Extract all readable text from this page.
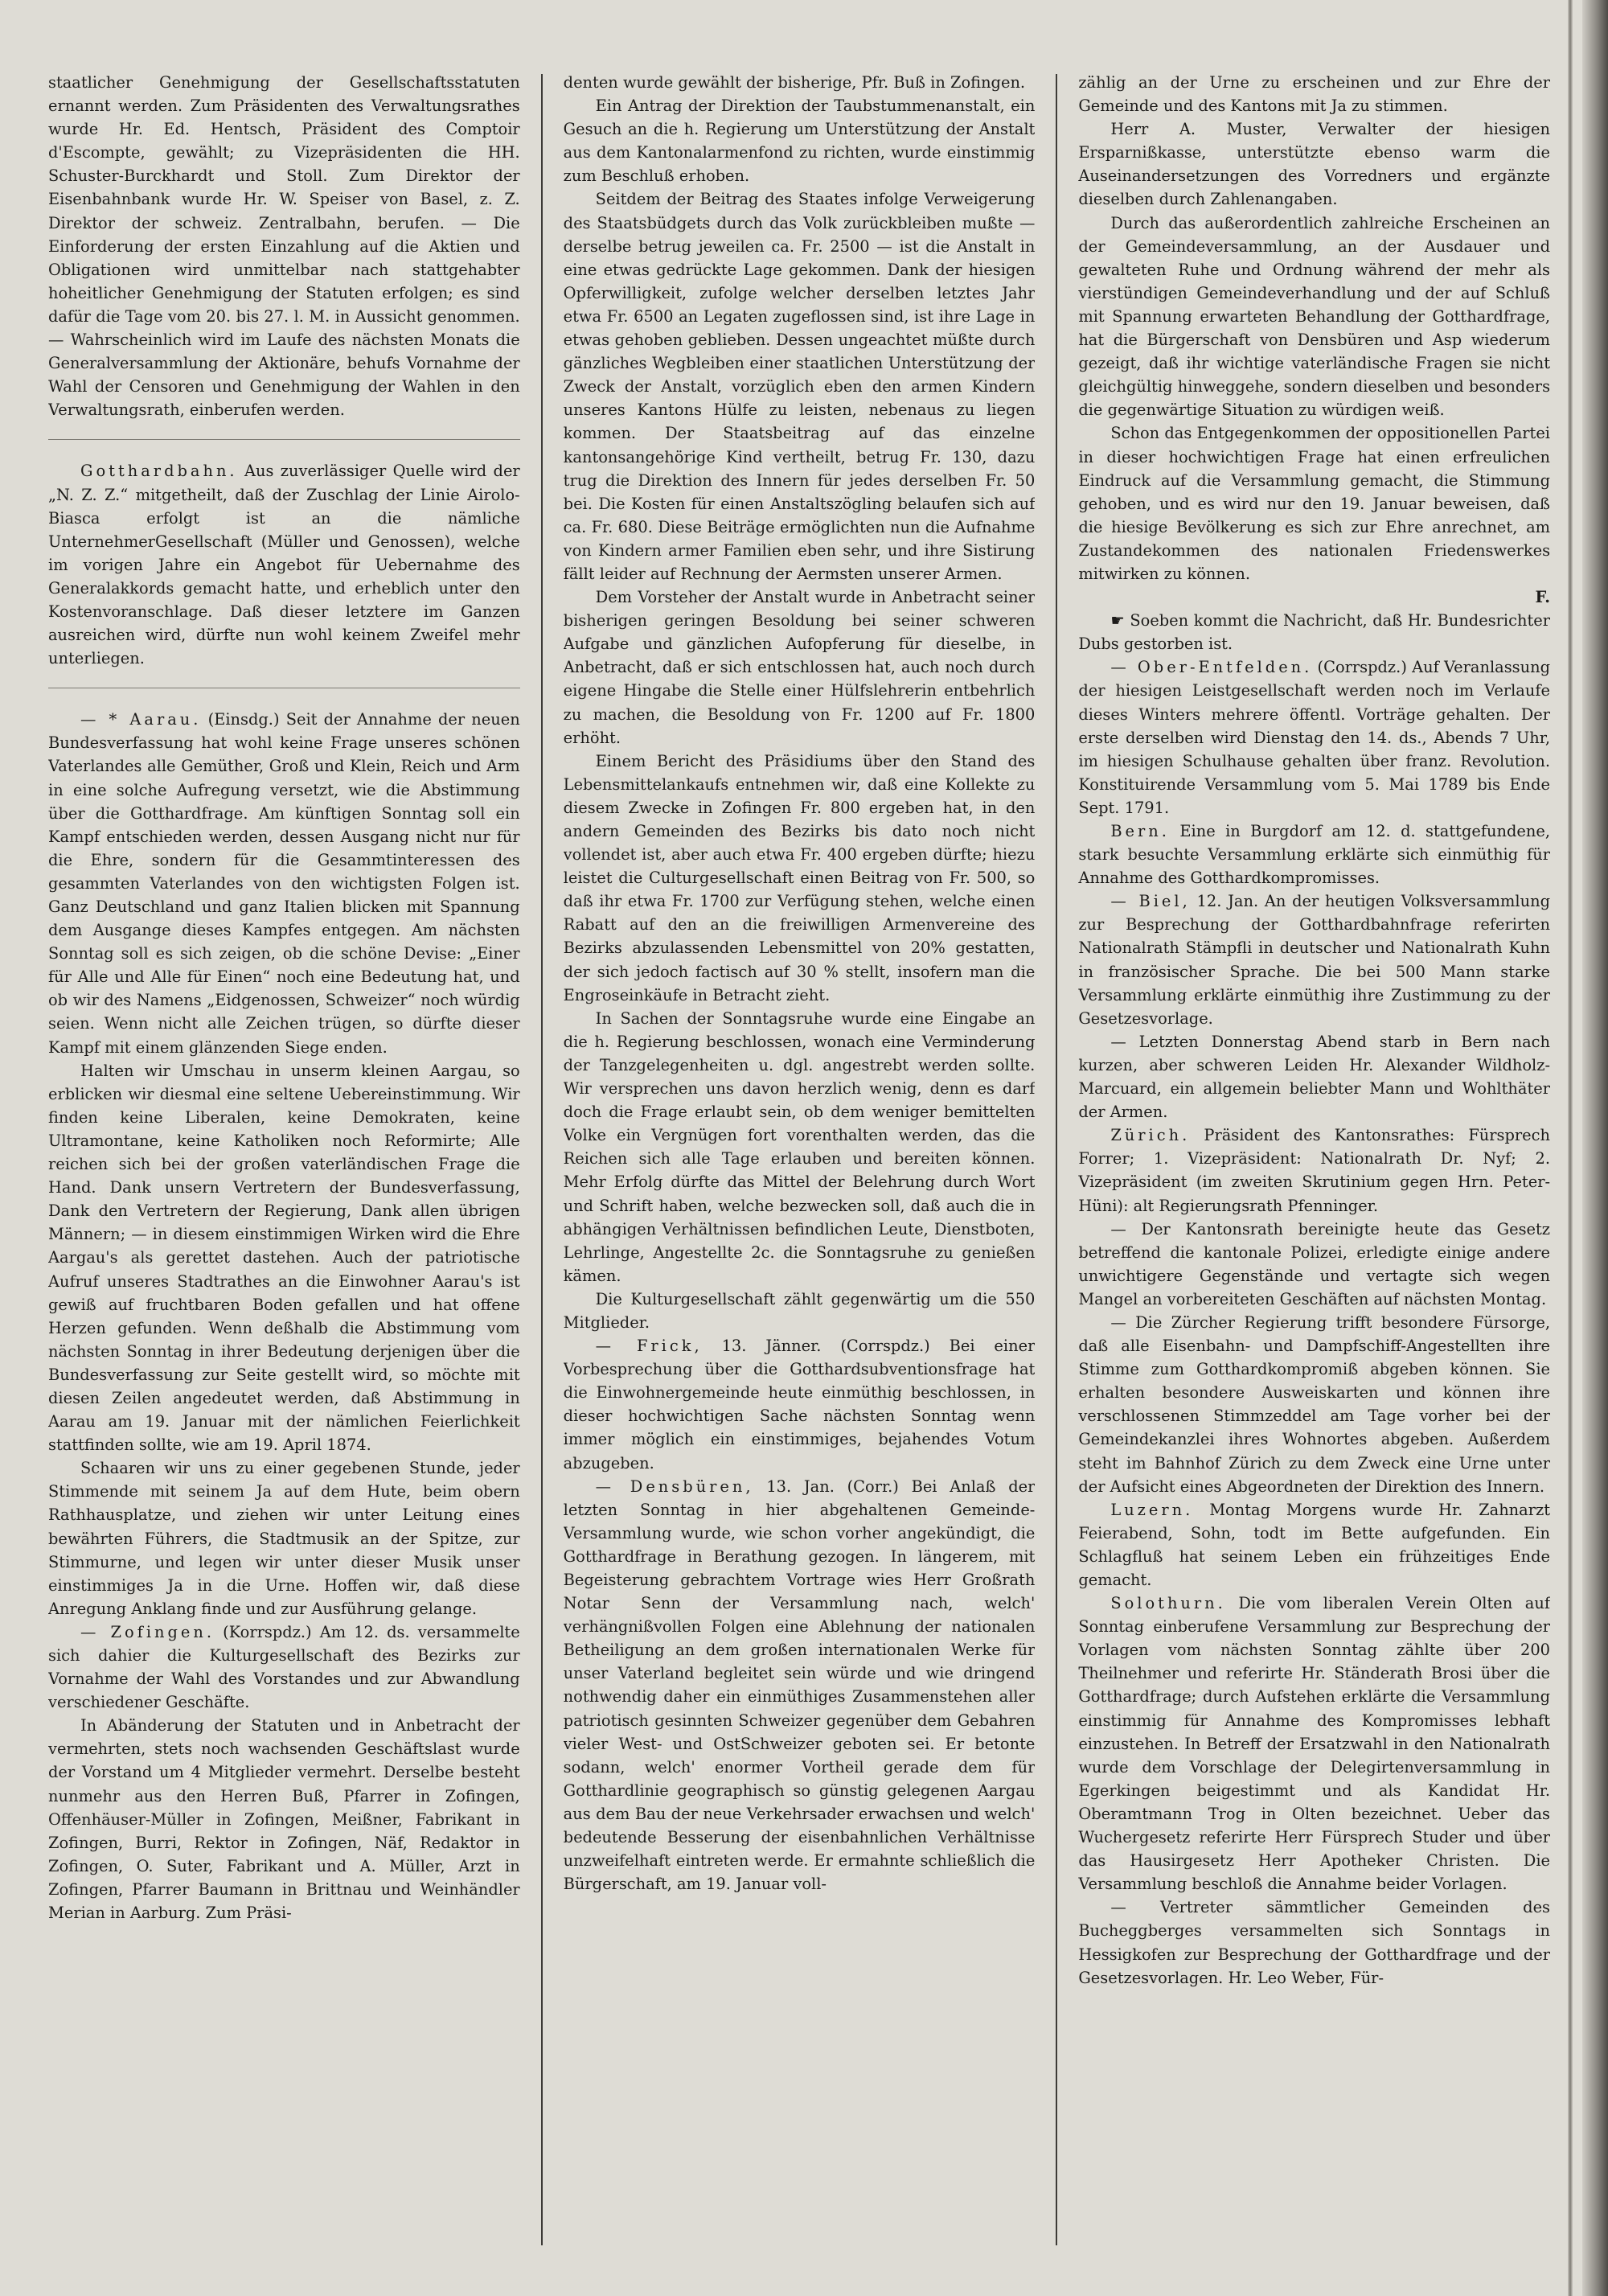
staatlicher Genehmigung der Gesellschaftsstatuten ernannt werden. Zum Präsidenten des Verwaltungsrathes wurde Hr. Ed. Hentsch, Präsident des Comptoir d'Escompte, gewählt; zu Vizepräsidenten die HH. Schuster-Burckhardt und Stoll. Zum Direktor der Eisenbahnbank wurde Hr. W. Speiser von Basel, z. Z. Direktor der schweiz. Zentralbahn, berufen. — Die Einforderung der ersten Einzahlung auf die Aktien und Obligationen wird unmittelbar nach stattgehabter hoheitlicher Genehmigung der Statuten erfolgen; es sind dafür die Tage vom 20. bis 27. l. M. in Aussicht genommen. — Wahrscheinlich wird im Laufe des nächsten Monats die Generalversammlung der Aktionäre, behufs Vornahme der Wahl der Censoren und Genehmigung der Wahlen in den Verwaltungsrath, einberufen werden.

Gotthardbahn. Aus zuverlässiger Quelle wird der „N. Z. Z.“ mitgetheilt, daß der Zuschlag der Linie Airolo-Biasca erfolgt ist an die nämliche UnternehmerGesellschaft (Müller und Genossen), welche im vorigen Jahre ein Angebot für Uebernahme des Generalakkords gemacht hatte, und erheblich unter den Kostenvoranschlage. Daß dieser letztere im Ganzen ausreichen wird, dürfte nun wohl keinem Zweifel mehr unterliegen.

— * Aarau. (Einsdg.) Seit der Annahme der neuen Bundesverfassung hat wohl keine Frage unseres schönen Vaterlandes alle Gemüther, Groß und Klein, Reich und Arm in eine solche Aufregung versetzt, wie die Abstimmung über die Gotthardfrage. Am künftigen Sonntag soll ein Kampf entschieden werden, dessen Ausgang nicht nur für die Ehre, sondern für die Gesammtinteressen des gesammten Vaterlandes von den wichtigsten Folgen ist. Ganz Deutschland und ganz Italien blicken mit Spannung dem Ausgange dieses Kampfes entgegen. Am nächsten Sonntag soll es sich zeigen, ob die schöne Devise: „Einer für Alle und Alle für Einen“ noch eine Bedeutung hat, und ob wir des Namens „Eidgenossen, Schweizer“ noch würdig seien. Wenn nicht alle Zeichen trügen, so dürfte dieser Kampf mit einem glänzenden Siege enden.

Halten wir Umschau in unserm kleinen Aargau, so erblicken wir diesmal eine seltene Uebereinstimmung. Wir finden keine Liberalen, keine Demokraten, keine Ultramontane, keine Katholiken noch Reformirte; Alle reichen sich bei der großen vaterländischen Frage die Hand. Dank unsern Vertretern der Bundesverfassung, Dank den Vertretern der Regierung, Dank allen übrigen Männern; — in diesem einstimmigen Wirken wird die Ehre Aargau's als gerettet dastehen. Auch der patriotische Aufruf unseres Stadtrathes an die Einwohner Aarau's ist gewiß auf fruchtbaren Boden gefallen und hat offene Herzen gefunden. Wenn deßhalb die Abstimmung vom nächsten Sonntag in ihrer Bedeutung derjenigen über die Bundesverfassung zur Seite gestellt wird, so möchte mit diesen Zeilen angedeutet werden, daß Abstimmung in Aarau am 19. Januar mit der nämlichen Feierlichkeit stattfinden sollte, wie am 19. April 1874.

Schaaren wir uns zu einer gegebenen Stunde, jeder Stimmende mit seinem Ja auf dem Hute, beim obern Rathhausplatze, und ziehen wir unter Leitung eines bewährten Führers, die Stadtmusik an der Spitze, zur Stimmurne, und legen wir unter dieser Musik unser einstimmiges Ja in die Urne. Hoffen wir, daß diese Anregung Anklang finde und zur Ausführung gelange.

— Zofingen. (Korrspdz.) Am 12. ds. versammelte sich dahier die Kulturgesellschaft des Bezirks zur Vornahme der Wahl des Vorstandes und zur Abwandlung verschiedener Geschäfte.

In Abänderung der Statuten und in Anbetracht der vermehrten, stets noch wachsenden Geschäftslast wurde der Vorstand um 4 Mitglieder vermehrt. Derselbe besteht nunmehr aus den Herren Buß, Pfarrer in Zofingen, Offenhäuser-Müller in Zofingen, Meißner, Fabrikant in Zofingen, Burri, Rektor in Zofingen, Näf, Redaktor in Zofingen, O. Suter, Fabrikant und A. Müller, Arzt in Zofingen, Pfarrer Baumann in Brittnau und Weinhändler Merian in Aarburg. Zum Präsi-

denten wurde gewählt der bisherige, Pfr. Buß in Zofingen.

Ein Antrag der Direktion der Taubstummenanstalt, ein Gesuch an die h. Regierung um Unterstützung der Anstalt aus dem Kantonalarmenfond zu richten, wurde einstimmig zum Beschluß erhoben.

Seitdem der Beitrag des Staates infolge Verweigerung des Staatsbüdgets durch das Volk zurückbleiben mußte — derselbe betrug jeweilen ca. Fr. 2500 — ist die Anstalt in eine etwas gedrückte Lage gekommen. Dank der hiesigen Opferwilligkeit, zufolge welcher derselben letztes Jahr etwa Fr. 6500 an Legaten zugeflossen sind, ist ihre Lage in etwas gehoben geblieben. Dessen ungeachtet müßte durch gänzliches Wegbleiben einer staatlichen Unterstützung der Zweck der Anstalt, vorzüglich eben den armen Kindern unseres Kantons Hülfe zu leisten, nebenaus zu liegen kommen. Der Staatsbeitrag auf das einzelne kantonsangehörige Kind vertheilt, betrug Fr. 130, dazu trug die Direktion des Innern für jedes derselben Fr. 50 bei. Die Kosten für einen Anstaltszögling belaufen sich auf ca. Fr. 680. Diese Beiträge ermöglichten nun die Aufnahme von Kindern armer Familien eben sehr, und ihre Sistirung fällt leider auf Rechnung der Aermsten unserer Armen.

Dem Vorsteher der Anstalt wurde in Anbetracht seiner bisherigen geringen Besoldung bei seiner schweren Aufgabe und gänzlichen Aufopferung für dieselbe, in Anbetracht, daß er sich entschlossen hat, auch noch durch eigene Hingabe die Stelle einer Hülfslehrerin entbehrlich zu machen, die Besoldung von Fr. 1200 auf Fr. 1800 erhöht.

Einem Bericht des Präsidiums über den Stand des Lebensmittelankaufs entnehmen wir, daß eine Kollekte zu diesem Zwecke in Zofingen Fr. 800 ergeben hat, in den andern Gemeinden des Bezirks bis dato noch nicht vollendet ist, aber auch etwa Fr. 400 ergeben dürfte; hiezu leistet die Culturgesellschaft einen Beitrag von Fr. 500, so daß ihr etwa Fr. 1700 zur Verfügung stehen, welche einen Rabatt auf den an die freiwilligen Armenvereine des Bezirks abzulassenden Lebensmittel von 20% gestatten, der sich jedoch factisch auf 30 % stellt, insofern man die Engroseinkäufe in Betracht zieht.

In Sachen der Sonntagsruhe wurde eine Eingabe an die h. Regierung beschlossen, wonach eine Verminderung der Tanzgelegenheiten u. dgl. angestrebt werden sollte. Wir versprechen uns davon herzlich wenig, denn es darf doch die Frage erlaubt sein, ob dem weniger bemittelten Volke ein Vergnügen fort vorenthalten werden, das die Reichen sich alle Tage erlauben und bereiten können. Mehr Erfolg dürfte das Mittel der Belehrung durch Wort und Schrift haben, welche bezwecken soll, daß auch die in abhängigen Verhältnissen befindlichen Leute, Dienstboten, Lehrlinge, Angestellte 2c. die Sonntagsruhe zu genießen kämen.

Die Kulturgesellschaft zählt gegenwärtig um die 550 Mitglieder.

— Frick, 13. Jänner. (Corrspdz.) Bei einer Vorbesprechung über die Gotthardsubventionsfrage hat die Einwohnergemeinde heute einmüthig beschlossen, in dieser hochwichtigen Sache nächsten Sonntag wenn immer möglich ein einstimmiges, bejahendes Votum abzugeben.

— Densbüren, 13. Jan. (Corr.) Bei Anlaß der letzten Sonntag in hier abgehaltenen Gemeinde-Versammlung wurde, wie schon vorher angekündigt, die Gotthardfrage in Berathung gezogen. In längerem, mit Begeisterung gebrachtem Vortrage wies Herr Großrath Notar Senn der Versammlung nach, welch' verhängnißvollen Folgen eine Ablehnung der nationalen Betheiligung an dem großen internationalen Werke für unser Vaterland begleitet sein würde und wie dringend nothwendig daher ein einmüthiges Zusammenstehen aller patriotisch gesinnten Schweizer gegenüber dem Gebahren vieler West- und OstSchweizer geboten sei. Er betonte sodann, welch' enormer Vortheil gerade dem für Gotthardlinie geographisch so günstig gelegenen Aargau aus dem Bau der neue Verkehrsader erwachsen und welch' bedeutende Besserung der eisenbahnlichen Verhältnisse unzweifelhaft eintreten werde. Er ermahnte schließlich die Bürgerschaft, am 19. Januar voll-

zählig an der Urne zu erscheinen und zur Ehre der Gemeinde und des Kantons mit Ja zu stimmen.

Herr A. Muster, Verwalter der hiesigen Ersparnißkasse, unterstützte ebenso warm die Auseinandersetzungen des Vorredners und ergänzte dieselben durch Zahlenangaben.

Durch das außerordentlich zahlreiche Erscheinen an der Gemeindeversammlung, an der Ausdauer und gewalteten Ruhe und Ordnung während der mehr als vierstündigen Gemeindeverhandlung und der auf Schluß mit Spannung erwarteten Behandlung der Gotthardfrage, hat die Bürgerschaft von Densbüren und Asp wiederum gezeigt, daß ihr wichtige vaterländische Fragen sie nicht gleichgültig hinweggehe, sondern dieselben und besonders die gegenwärtige Situation zu würdigen weiß.

Schon das Entgegenkommen der oppositionellen Partei in dieser hochwichtigen Frage hat einen erfreulichen Eindruck auf die Versammlung gemacht, die Stimmung gehoben, und es wird nur den 19. Januar beweisen, daß die hiesige Bevölkerung es sich zur Ehre anrechnet, am Zustandekommen des nationalen Friedenswerkes mitwirken zu können.

F.

☛ Soeben kommt die Nachricht, daß Hr. Bundesrichter Dubs gestorben ist.

— Ober-Entfelden. (Corrspdz.) Auf Veranlassung der hiesigen Leistgesellschaft werden noch im Verlaufe dieses Winters mehrere öffentl. Vorträge gehalten. Der erste derselben wird Dienstag den 14. ds., Abends 7 Uhr, im hiesigen Schulhause gehalten über franz. Revolution. Konstituirende Versammlung vom 5. Mai 1789 bis Ende Sept. 1791.

Bern. Eine in Burgdorf am 12. d. stattgefundene, stark besuchte Versammlung erklärte sich einmüthig für Annahme des Gotthardkompromisses.

— Biel, 12. Jan. An der heutigen Volksversammlung zur Besprechung der Gotthardbahnfrage referirten Nationalrath Stämpfli in deutscher und Nationalrath Kuhn in französischer Sprache. Die bei 500 Mann starke Versammlung erklärte einmüthig ihre Zustimmung zu der Gesetzesvorlage.

— Letzten Donnerstag Abend starb in Bern nach kurzen, aber schweren Leiden Hr. Alexander Wildholz-Marcuard, ein allgemein beliebter Mann und Wohlthäter der Armen.

Zürich. Präsident des Kantonsrathes: Fürsprech Forrer; 1. Vizepräsident: Nationalrath Dr. Nyf; 2. Vizepräsident (im zweiten Skrutinium gegen Hrn. Peter-Hüni): alt Regierungsrath Pfenninger.

— Der Kantonsrath bereinigte heute das Gesetz betreffend die kantonale Polizei, erledigte einige andere unwichtigere Gegenstände und vertagte sich wegen Mangel an vorbereiteten Geschäften auf nächsten Montag.

— Die Zürcher Regierung trifft besondere Fürsorge, daß alle Eisenbahn- und Dampfschiff-Angestellten ihre Stimme zum Gotthardkompromiß abgeben können. Sie erhalten besondere Ausweiskarten und können ihre verschlossenen Stimmzeddel am Tage vorher bei der Gemeindekanzlei ihres Wohnortes abgeben. Außerdem steht im Bahnhof Zürich zu dem Zweck eine Urne unter der Aufsicht eines Abgeordneten der Direktion des Innern.

Luzern. Montag Morgens wurde Hr. Zahnarzt Feierabend, Sohn, todt im Bette aufgefunden. Ein Schlagfluß hat seinem Leben ein frühzeitiges Ende gemacht.

Solothurn. Die vom liberalen Verein Olten auf Sonntag einberufene Versammlung zur Besprechung der Vorlagen vom nächsten Sonntag zählte über 200 Theilnehmer und referirte Hr. Ständerath Brosi über die Gotthardfrage; durch Aufstehen erklärte die Versammlung einstimmig für Annahme des Kompromisses lebhaft einzustehen. In Betreff der Ersatzwahl in den Nationalrath wurde dem Vorschlage der Delegirtenversammlung in Egerkingen beigestimmt und als Kandidat Hr. Oberamtmann Trog in Olten bezeichnet. Ueber das Wuchergesetz referirte Herr Fürsprech Studer und über das Hausirgesetz Herr Apotheker Christen. Die Versammlung beschloß die Annahme beider Vorlagen.

— Vertreter sämmtlicher Gemeinden des Bucheggberges versammelten sich Sonntags in Hessigkofen zur Besprechung der Gotthardfrage und der Gesetzesvorlagen. Hr. Leo Weber, Für-
